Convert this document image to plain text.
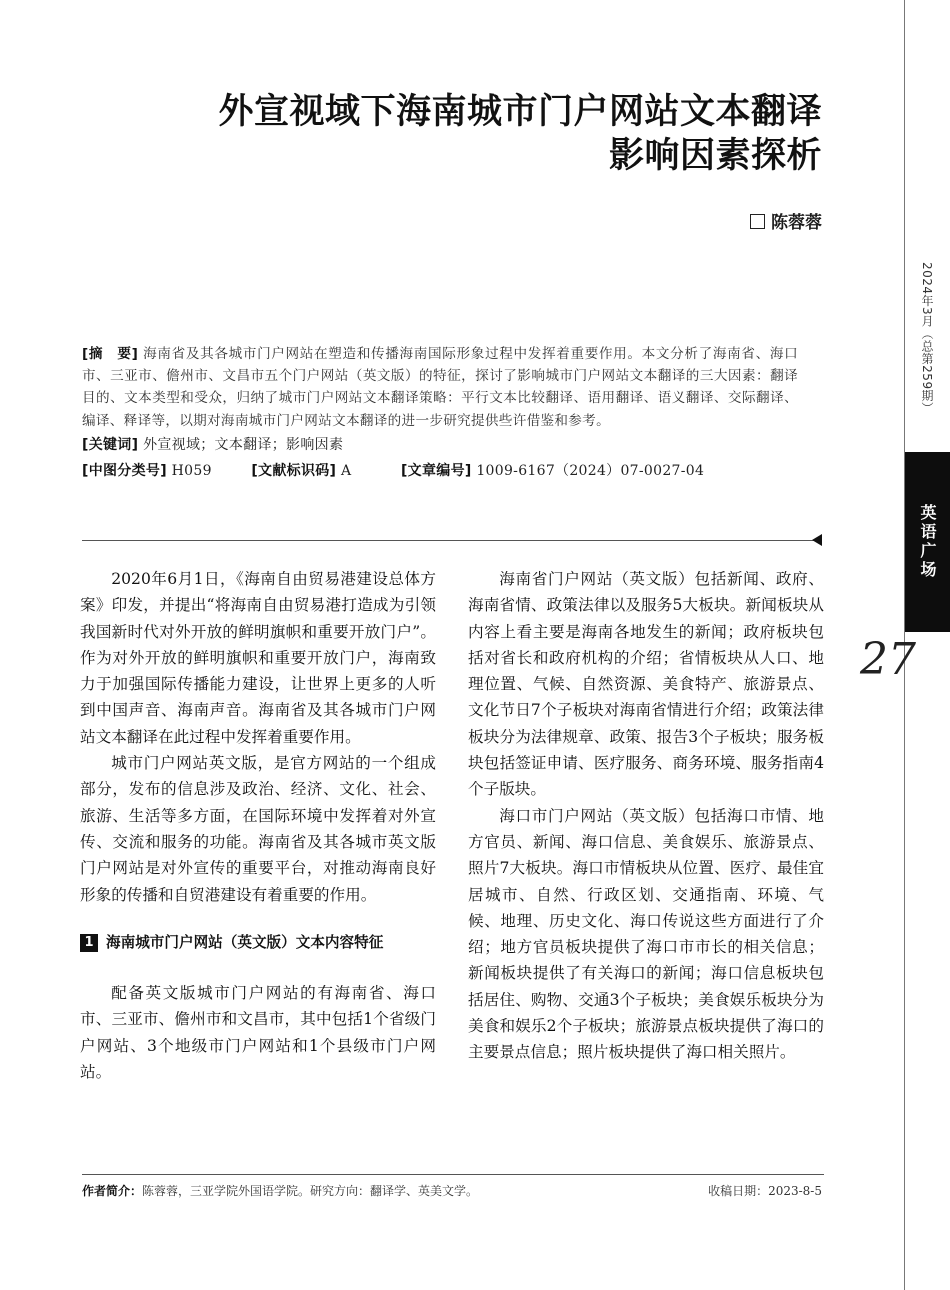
外宣视域下海南城市门户网站文本翻译
影响因素探析
陈蓉蓉
[摘　要] 海南省及其各城市门户网站在塑造和传播海南国际形象过程中发挥着重要作用。本文分析了海南省、海口市、三亚市、儋州市、文昌市五个门户网站（英文版）的特征，探讨了影响城市门户网站文本翻译的三大因素：翻译目的、文本类型和受众，归纳了城市门户网站文本翻译策略：平行文本比较翻译、语用翻译、语义翻译、交际翻译、编译、释译等，以期对海南城市门户网站文本翻译的进一步研究提供些许借鉴和参考。
[关键词] 外宣视域；文本翻译；影响因素
[中图分类号] H059	[文献标识码] A	[文章编号] 1009-6167（2024）07-0027-04

2020年6月1日，《海南自由贸易港建设总体方案》印发，并提出“将海南自由贸易港打造成为引领我国新时代对外开放的鲜明旗帜和重要开放门户”。作为对外开放的鲜明旗帜和重要开放门户，海南致力于加强国际传播能力建设，让世界上更多的人听到中国声音、海南声音。海南省及其各城市门户网站文本翻译在此过程中发挥着重要作用。

城市门户网站英文版，是官方网站的一个组成部分，发布的信息涉及政治、经济、文化、社会、旅游、生活等多方面，在国际环境中发挥着对外宣传、交流和服务的功能。海南省及其各城市英文版门户网站是对外宣传的重要平台，对推动海南良好形象的传播和自贸港建设有着重要的作用。

1 海南城市门户网站（英文版）文本内容特征

配备英文版城市门户网站的有海南省、海口市、三亚市、儋州市和文昌市，其中包括1个省级门户网站、3个地级市门户网站和1个县级市门户网站。

海南省门户网站（英文版）包括新闻、政府、海南省情、政策法律以及服务5大板块。新闻板块从内容上看主要是海南各地发生的新闻；政府板块包括对省长和政府机构的介绍；省情板块从人口、地理位置、气候、自然资源、美食特产、旅游景点、文化节日7个子板块对海南省情进行介绍；政策法律板块分为法律规章、政策、报告3个子板块；服务板块包括签证申请、医疗服务、商务环境、服务指南4个子版块。

海口市门户网站（英文版）包括海口市情、地方官员、新闻、海口信息、美食娱乐、旅游景点、照片7大板块。海口市情板块从位置、医疗、最佳宜居城市、自然、行政区划、交通指南、环境、气候、地理、历史文化、海口传说这些方面进行了介绍；地方官员板块提供了海口市市长的相关信息；新闻板块提供了有关海口的新闻；海口信息板块包括居住、购物、交通3个子板块；美食娱乐板块分为美食和娱乐2个子板块；旅游景点板块提供了海口的主要景点信息；照片板块提供了海口相关照片。

2024年3月（总第259期）
英语广场
27
作者简介：陈蓉蓉，三亚学院外国语学院。研究方向：翻译学、英美文学。	收稿日期：2023-8-5
